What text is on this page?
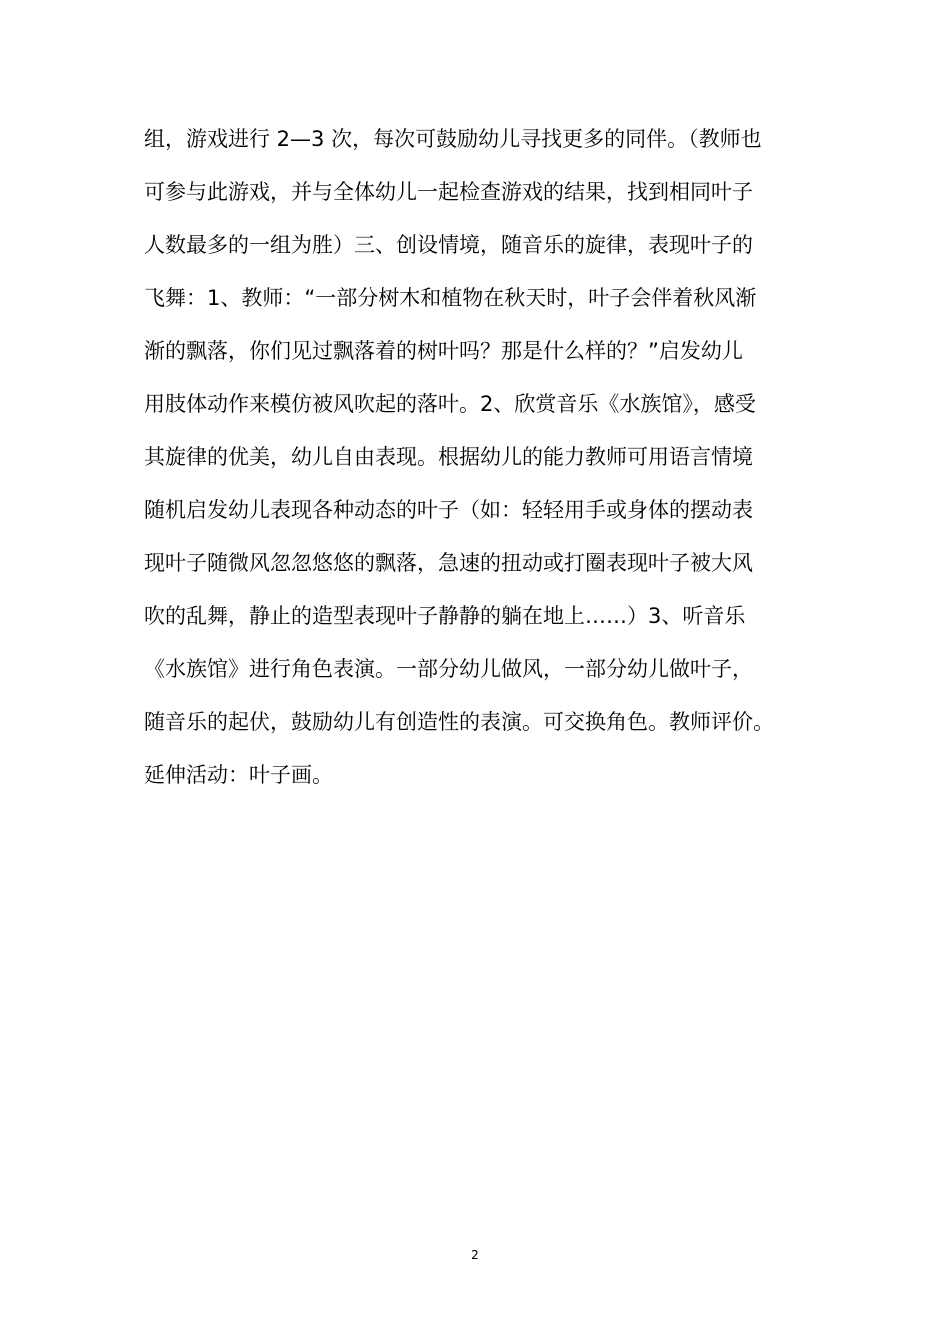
组，游戏进行 2—3 次，每次可鼓励幼儿寻找更多的同伴。（教师也
可参与此游戏，并与全体幼儿一起检查游戏的结果，找到相同叶子
人数最多的一组为胜）三、创设情境，随音乐的旋律，表现叶子的
飞舞：1、教师：“一部分树木和植物在秋天时，叶子会伴着秋风渐
渐的飘落，你们见过飘落着的树叶吗？那是什么样的？”启发幼儿
用肢体动作来模仿被风吹起的落叶。2、欣赏音乐《水族馆》，感受
其旋律的优美，幼儿自由表现。根据幼儿的能力教师可用语言情境
随机启发幼儿表现各种动态的叶子（如：轻轻用手或身体的摆动表
现叶子随微风忽忽悠悠的飘落，急速的扭动或打圈表现叶子被大风
吹的乱舞，静止的造型表现叶子静静的躺在地上……）3、听音乐
《水族馆》进行角色表演。一部分幼儿做风，一部分幼儿做叶子，
随音乐的起伏，鼓励幼儿有创造性的表演。可交换角色。教师评价。
延伸活动：叶子画。
2
